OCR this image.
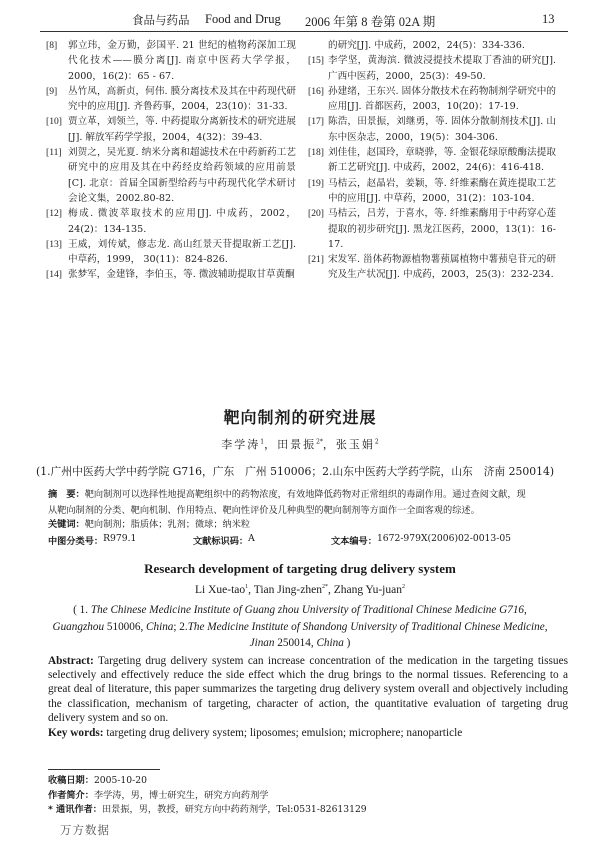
食品与药品 Food and Drug 2006 年第 8 卷第 02A 期	13
[8] 郭立玮，金万勤，彭国平. 21 世纪的植物药深加工现代化技术——膜分离[J]. 南京中医药大学学报，2000，16(2)：65 - 67.
[9] 丛竹凤，高新贞，何伟. 膜分离技术及其在中药现代研究中的应用[J]. 齐鲁药事，2004，23(10)：31-33.
[10] 贾立革，刘领兰，等. 中药提取分离新技术的研究进展[J]. 解放军药学学报，2004，4(32)：39-43.
[11] 刘贺之，吴光夏. 纳米分离和超滤技术在中药新药工艺研究中的应用及其在中药经皮给药领域的应用前景[C]. 北京：首届全国新型给药与中药现代化学术研讨会论文集，2002.80-82.
[12] 梅成. 微波萃取技术的应用[J]. 中成药，2002，24(2)：134-135.
[13] 王威，刘传斌，修志龙. 高山红景天苷提取新工艺[J]. 中草药，1999， 30(11)：824-826.
[14] 张梦军，金建锋，李伯玉，等. 微波辅助提取甘草黄酮
的研究[J]. 中成药，2002，24(5)：334-336.
[15] 李学坚，黄海滨. 微波浸提技术提取丁香油的研究[J]. 广西中医药，2000，25(3)：49-50.
[16] 孙建绪，王东兴. 固体分散技术在药物制剂学研究中的应用[J]. 首都医药，2003，10(20)：17-19.
[17] 陈浩，田景振，刘继勇，等. 固体分散制剂技术[J]. 山东中医杂志，2000，19(5)：304-306.
[18] 刘佳佳，赵国玲，章晓骅，等. 金银花绿原酸酶法提取新工艺研究[J]. 中成药，2002，24(6)：416-418.
[19] 马桔云，赵晶岩，姜颖，等. 纤维素酶在黄连提取工艺中的应用[J]. 中草药，2000，31(2)：103-104.
[20] 马桔云，吕芳，于喜水，等. 纤维素酶用于中药穿心莲提取的初步研究[J]. 黑龙江医药，2000，13(1)：16-17.
[21] 宋发军. 甾体药物源植物薯蓣属植物中薯蓣皂苷元的研究及生产状况[J]. 中成药，2003，25(3)：232-234.
靶向制剂的研究进展
李学涛$^1$，田景振$^{2*}$，张玉娟$^2$
(1.广州中医药大学中药学院 G716，广东　广州 510006；2.山东中医药大学药学院，山东　济南 250014)
摘　要：靶向制剂可以选择性地提高靶组织中的药物浓度，有效地降低药物对正常组织的毒副作用。通过查阅文献，现
从靶向制剂的分类、靶向机制、作用特点、靶向性评价及几种典型的靶向制剂等方面作一全面客观的综述。
关键词：靶向制剂；脂质体；乳剂；微球；纳米粒
中图分类号： R979.1	文献标识码： A	文本编号： 1672-979X(2006)02-0013-05
Research development of targeting drug delivery system
Li Xue-tao$^1$, Tian Jing-zhen$^{2*}$, Zhang Yu-juan$^2$
( 1. The Chinese Medicine Institute of Guang zhou University of Traditional Chinese Medicine G716,
Guangzhou 510006, China; 2.The Medicine Institute of Shandong University of Traditional Chinese Medicine,
Jinan 250014, China )
Abstract: Targeting drug delivery system can increase concentration of the medication in the targeting tissues selectively and effectively reduce the side effect which the drug brings to the normal tissues. Referencing to a great deal of literature, this paper summarizes the targeting drug delivery system overall and objectively including the classification, mechanism of targeting, character of action, the quantitative evaluation of targeting drug delivery system and so on.
Key words: targeting drug delivery system; liposomes; emulsion; microphere; nanoparticle
收稿日期：2005-10-20
作者简介：李学涛，男，博士研究生，研究方向药剂学
* 通讯作者：田景振，男，教授，研究方向中药药剂学，Tel:0531-82613129
万方数据
